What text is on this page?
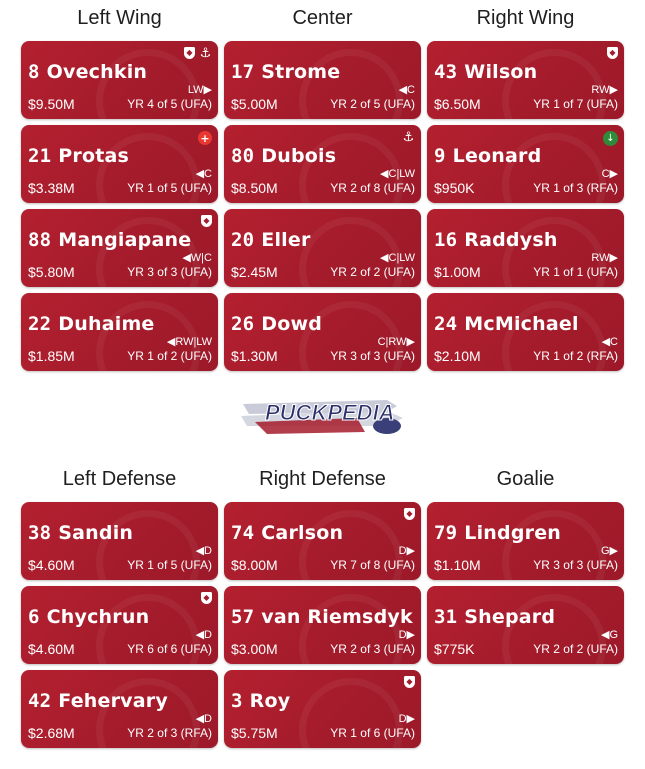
Left Wing	Center	Right Wing
Left Defense	Right Defense	Goalie
◆ ⚓
8 Ovechkin
LW▶
$9.50M	YR 4 of 5 (UFA)
17 Strome
◀C
$5.00M	YR 2 of 5 (UFA)
◆
43 Wilson
RW▶
$6.50M	YR 1 of 7 (UFA)
+
21 Protas
◀C
$3.38M	YR 1 of 5 (UFA)
⚓
80 Dubois
◀C|LW
$8.50M	YR 2 of 8 (UFA)
↓
9 Leonard
C▶
$950K	YR 1 of 3 (RFA)
◆
88 Mangiapane
◀W|C
$5.80M	YR 3 of 3 (UFA)
20 Eller
◀C|LW
$2.45M	YR 2 of 2 (UFA)
16 Raddysh
RW▶
$1.00M	YR 1 of 1 (UFA)
22 Duhaime
◀RW|LW
$1.85M	YR 1 of 2 (UFA)
26 Dowd
C|RW▶
$1.30M	YR 3 of 3 (UFA)
24 McMichael
◀C
$2.10M	YR 1 of 2 (RFA)
38 Sandin
◀D
$4.60M	YR 1 of 5 (UFA)
◆
74 Carlson
D▶
$8.00M	YR 7 of 8 (UFA)
79 Lindgren
G▶
$1.10M	YR 3 of 3 (UFA)
◆
6 Chychrun
◀D
$4.60M	YR 6 of 6 (UFA)
57 van Riemsdyk
D▶
$3.00M	YR 2 of 3 (UFA)
31 Shepard
◀G
$775K	YR 2 of 2 (UFA)
42 Fehervary
◀D
$2.68M	YR 2 of 3 (RFA)
◆
3 Roy
D▶
$5.75M	YR 1 of 6 (UFA)
PUCKPEDIA
